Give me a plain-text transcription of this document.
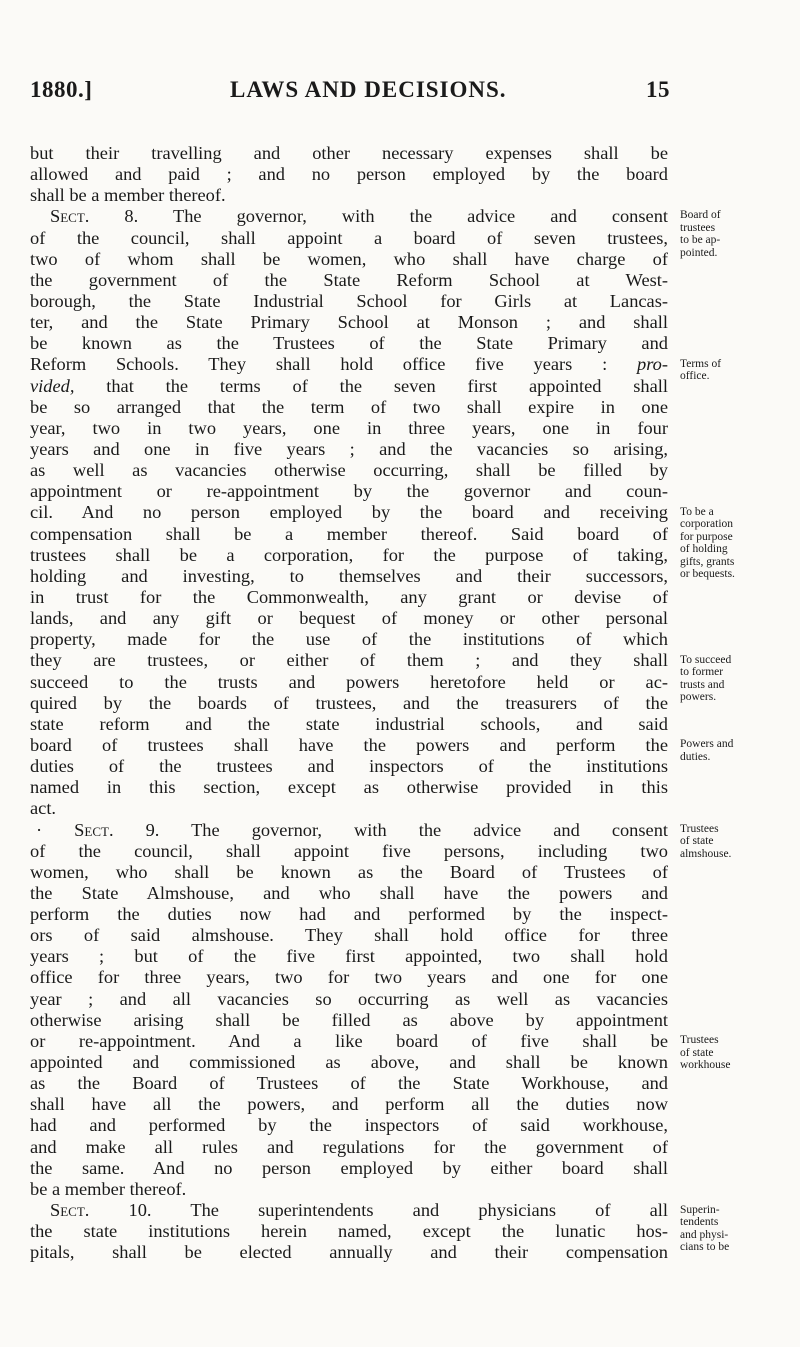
1880.]	LAWS AND DECISIONS.	15
but their travelling and other necessary expenses shall be
allowed and paid ; and no person employed by the board
shall be a member thereof.
Sect. 8. The governor, with the advice and consent
of the council, shall appoint a board of seven trustees,
two of whom shall be women, who shall have charge of
the government of the State Reform School at West-
borough, the State Industrial School for Girls at Lancas-
ter, and the State Primary School at Monson ; and shall
be known as the Trustees of the State Primary and
Reform Schools. They shall hold office five years : pro-
vided, that the terms of the seven first appointed shall
be so arranged that the term of two shall expire in one
year, two in two years, one in three years, one in four
years and one in five years ; and the vacancies so arising,
as well as vacancies otherwise occurring, shall be filled by
appointment or re-appointment by the governor and coun-
cil. And no person employed by the board and receiving
compensation shall be a member thereof. Said board of
trustees shall be a corporation, for the purpose of taking,
holding and investing, to themselves and their successors,
in trust for the Commonwealth, any grant or devise of
lands, and any gift or bequest of money or other personal
property, made for the use of the institutions of which
they are trustees, or either of them ; and they shall
succeed to the trusts and powers heretofore held or ac-
quired by the boards of trustees, and the treasurers of the
state reform and the state industrial schools, and said
board of trustees shall have the powers and perform the
duties of the trustees and inspectors of the institutions
named in this section, except as otherwise provided in this
act.
· Sect. 9. The governor, with the advice and consent
of the council, shall appoint five persons, including two
women, who shall be known as the Board of Trustees of
the State Almshouse, and who shall have the powers and
perform the duties now had and performed by the inspect-
ors of said almshouse. They shall hold office for three
years ; but of the five first appointed, two shall hold
office for three years, two for two years and one for one
year ; and all vacancies so occurring as well as vacancies
otherwise arising shall be filled as above by appointment
or re-appointment. And a like board of five shall be
appointed and commissioned as above, and shall be known
as the Board of Trustees of the State Workhouse, and
shall have all the powers, and perform all the duties now
had and performed by the inspectors of said workhouse,
and make all rules and regulations for the government of
the same. And no person employed by either board shall
be a member thereof.
Sect. 10. The superintendents and physicians of all
the state institutions herein named, except the lunatic hos-
pitals, shall be elected annually and their compensation
Board of
trustees
to be ap-
pointed.
Terms of
office.
To be a
corporation
for purpose
of holding
gifts, grants
or bequests.
To succeed
to former
trusts and
powers.
Powers and
duties.
Trustees
of state
almshouse.
Trustees
of state
workhouse
Superin-
tendents
and physi-
cians to be
